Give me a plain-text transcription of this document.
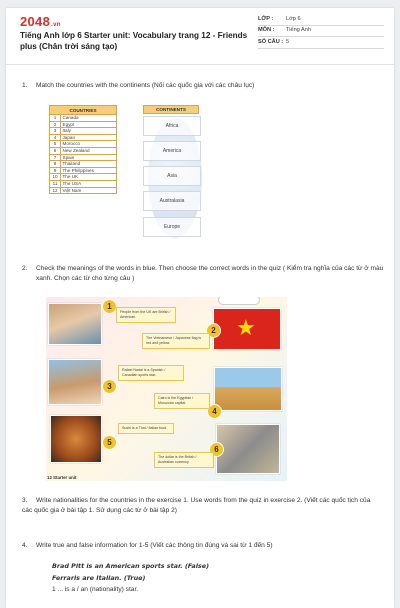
2048.vn
Tiếng Anh lớp 6 Starter unit: Vocabulary trang 12 - Friends plus (Chân trời sáng tạo)
LỚP :	Lớp 6
MÔN :	Tiếng Anh
SỐ CÂU : 5
1. Match the countries with the continents (Nối các quốc gia với các châu lục)
COUNTRIES	
1	Canada
2	Egypt
3	Italy
4	Japan
5	Morocco
6	New Zealand
7	Spain
8	Thailand
9	The Philippines
10	The UK
11	The USA
12	Việt Nam
CONTINENTS
Africa
America
Asia
Australasia
Europe
2.	Check the meanings of the words in blue. Then choose the correct words in the quiz ( Kiểm tra nghĩa của các từ ở màu xanh. Chọn các từ cho từng câu )
1
People from the UK are British / American.	★
2
The Vietnamese / Japanese flag is red and yellow.
3
Rafael Nadal is a Spanish / Canadian sports star.
4
Cairo is the Egyptian / Moroccan capital.
5
Sushi is a Thai / Italian food.
6
The dollar is the British / Australian currency.
12 Starter unit
3. Write nationalities for the countries in the exercise 1. Use words from the quiz in exercise 2. (Viết các quốc tịch của các quốc gia ở bài tập 1. Sử dụng các từ ở bài tập 2)
4. Write true and false information for 1-5 (Viết các thông tin đúng và sai từ 1 đến 5)
Brad Pitt is an American sports star. (False)
Ferraris are Italian. (True)
1 ... is a / an (nationality) star.
